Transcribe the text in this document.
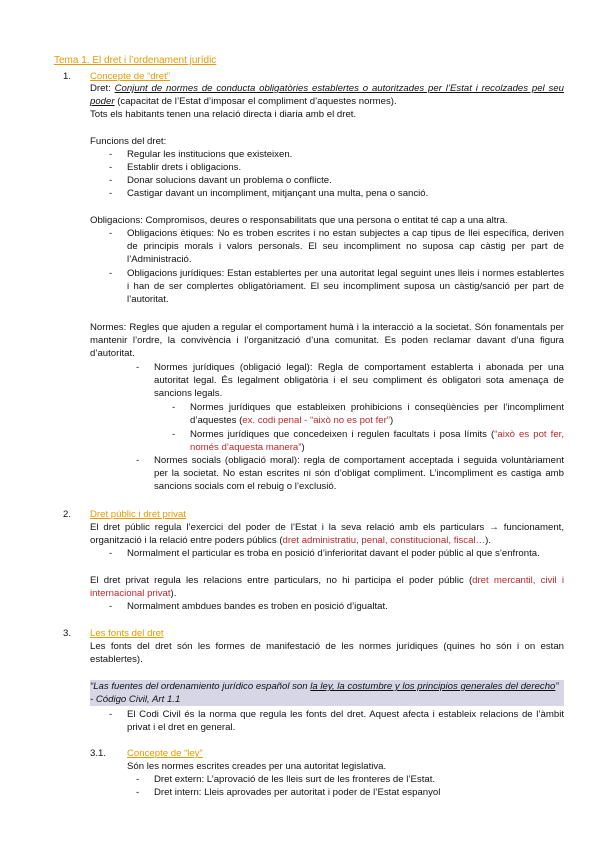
Tema 1. El dret i l’ordenament jurídic
1. Concepte de “dret”
Dret: Conjunt de normes de conducta obligatòries establertes o autoritzades per l’Estat i recolzades pel seu poder (capacitat de l’Estat d’imposar el compliment d’aquestes normes).
Tots els habitants tenen una relació directa i diaria amb el dret.
Funcions del dret:
- Regular les institucions que existeixen.
- Establir drets i obligacions.
- Donar solucions davant un problema o conflicte.
- Castigar davant un incompliment, mitjançant una multa, pena o sanció.
Obligacions: Compromisos, deures o responsabilitats que una persona o entitat té cap a una altra.
- Obligacions ètiques: No es troben escrites i no estan subjectes a cap tipus de llei específica, deriven de principis morals i valors personals. El seu incompliment no suposa cap càstig per part de l’Administració.
- Obligacions jurídiques: Estan establertes per una autoritat legal seguint unes lleis i normes establertes i han de ser complertes obligatòriament. El seu incompliment suposa un càstig/sanció per part de l’autoritat.
Normes: Regles que ajuden a regular el comportament humà i la interacció a la societat. Són fonamentals per mantenir l’ordre, la convivència i l’organització d’una comunitat. Es poden reclamar davant d’una figura d’autoritat.
- Normes jurídiques (obligació legal): Regla de comportament establerta i abonada per una autoritat legal. És legalment obligatòria i el seu compliment és obligatori sota amenaça de sancions legals.
- Normes jurídiques que estableixen prohibicions i conseqüències per l’incompliment d’aquestes (ex. codi penal - “això no es pot fer”)
- Normes jurídiques que concedeixen i regulen facultats i posa límits (“això es pot fer, només d’aquesta manera”)
- Normes socials (obligació moral): regla de comportament acceptada i seguida voluntàriament per la societat. No estan escrites ni són d’obligat compliment. L’incompliment es castiga amb sancions socials com el rebuig o l’exclusió.
2. Dret públic i dret privat
El dret públic regula l’exercici del poder de l’Estat i la seva relació amb els particulars → funcionament, organització i la relació entre poders públics (dret administratiu, penal, constitucional, fiscal…).
- Normalment el particular es troba en posició d’inferioritat davant el poder públic al que s’enfronta.
El dret privat regula les relacions entre particulars, no hi participa el poder públic (dret mercantil, civil i internacional privat).
- Normalment ambdues bandes es troben en posició d’igualtat.
3. Les fonts del dret
Les fonts del dret són les formes de manifestació de les normes jurídiques (quines ho són i on estan establertes).
“Las fuentes del ordenamiento jurídico español son la ley, la costumbre y los principios generales del derecho” - Código Civil, Art 1.1
- El Codi Civil és la norma que regula les fonts del dret. Aquest afecta i estableix relacions de l’àmbit privat i el dret en general.
3.1. Concepte de “ley”
Són les normes escrites creades per una autoritat legislativa.
- Dret extern: L’aprovació de les lleis surt de les fronteres de l’Estat.
- Dret intern: Lleis aprovades per autoritat i poder de l’Estat espanyol
